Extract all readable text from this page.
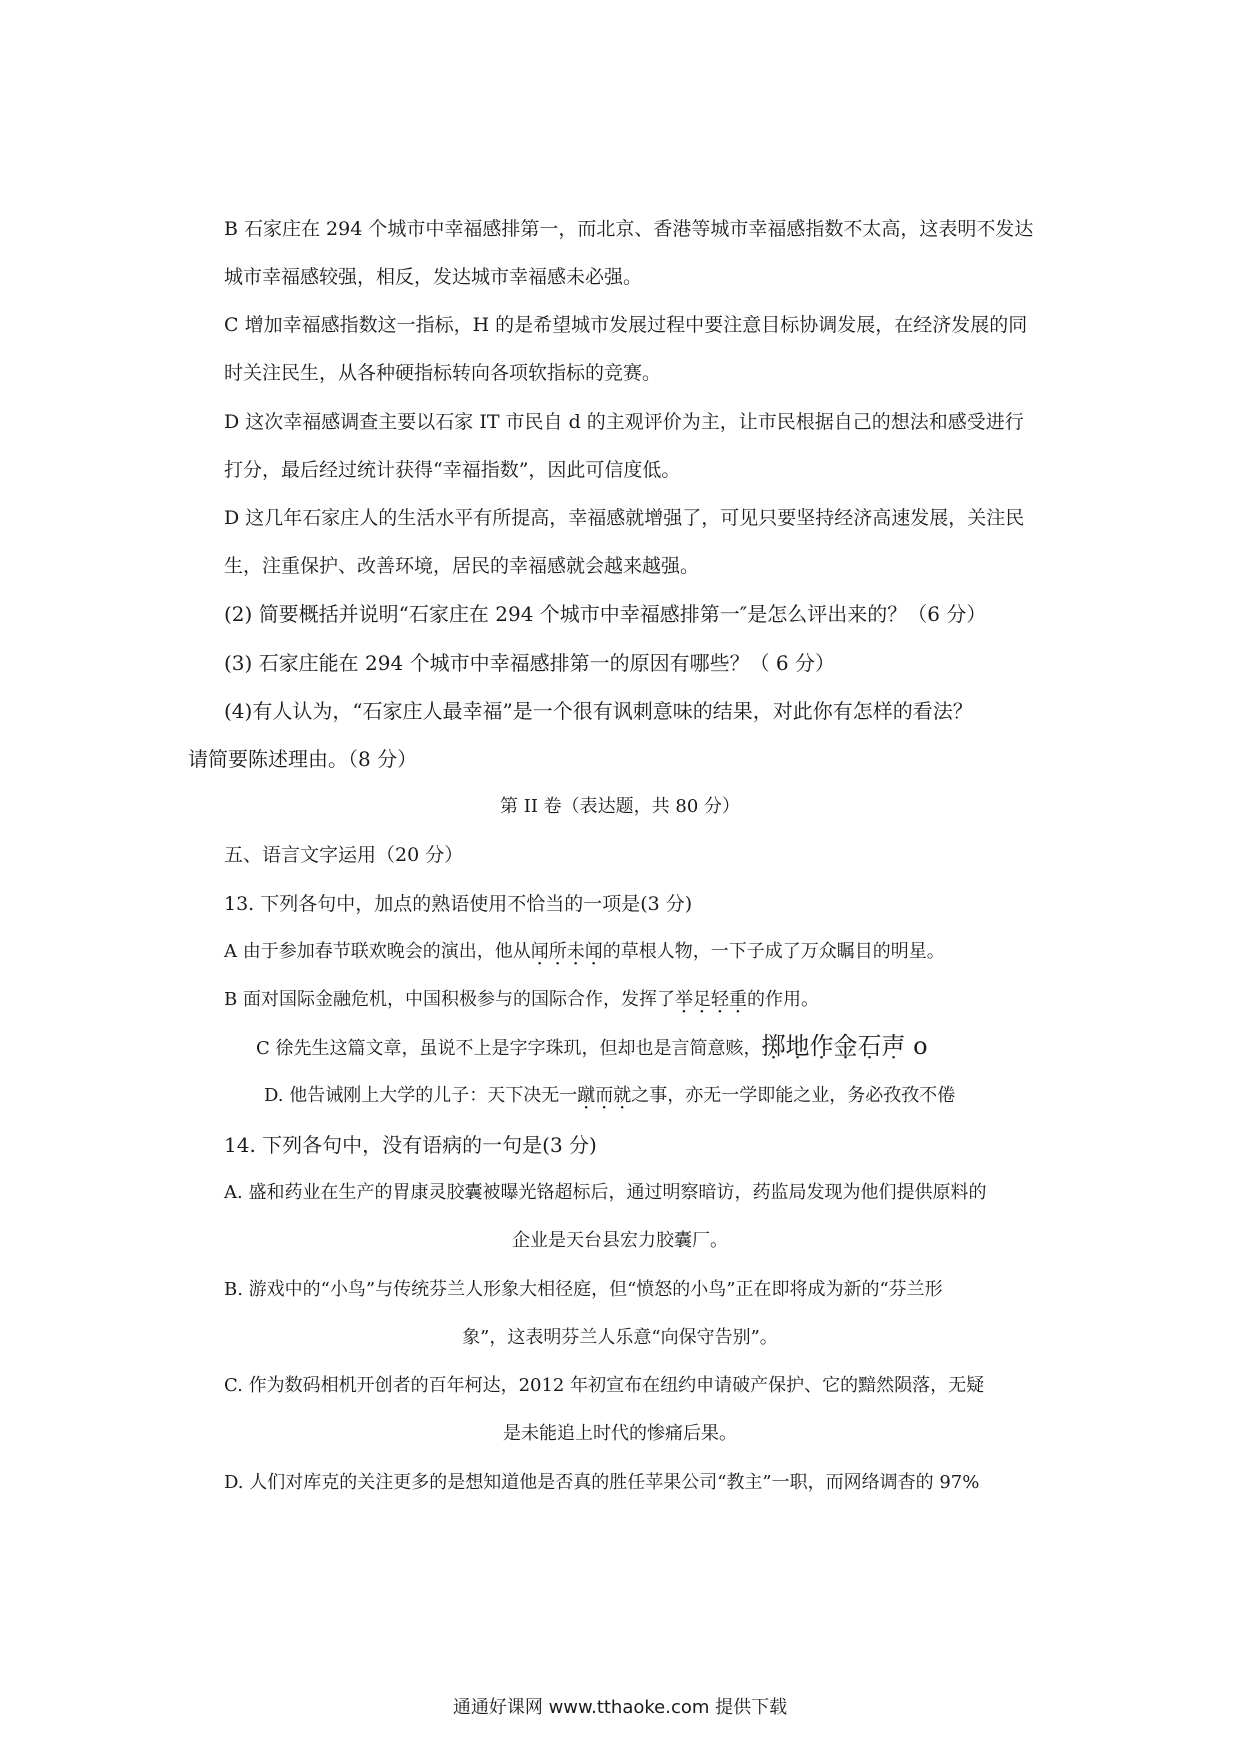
B 石家庄在 294 个城市中幸福感排第一，而北京、香港等城市幸福感指数不太高，这表明不发达
城市幸福感较强，相反，发达城市幸福感未必强。
C 增加幸福感指数这一指标，H 的是希望城市发展过程中要注意目标协调发展，在经济发展的同
时关注民生，从各种硬指标转向各项软指标的竞赛。
D 这次幸福感调查主要以石家 IT 市民自 d 的主观评价为主，让市民根据自己的想法和感受进行
打分，最后经过统计获得“幸福指数”，因此可信度低。
D 这几年石家庄人的生活水平有所提高，幸福感就增强了，可见只要坚持经济高速发展，关注民
生，注重保护、改善环境，居民的幸福感就会越来越强。
(2) 简要概括并说明“石家庄在 294 个城市中幸福感排第一″是怎么评出来的？（6 分）
(3) 石家庄能在 294 个城市中幸福感排第一的原因有哪些？（ 6 分）
(4)有人认为，“石家庄人最幸福”是一个很有讽刺意味的结果，对此你有怎样的看法？
请简要陈述理由。（8 分）
第 II 卷（表达题，共 80 分）
五、语言文字运用（20 分）
13. 下列各句中，加点的熟语使用不恰当的一项是(3 分)
A 由于参加春节联欢晚会的演出，他从闻所未闻的草根人物，一下子成了万众瞩目的明星。
B 面对国际金融危机，中国积极参与的国际合作，发挥了举足轻重的作用。
C 徐先生这篇文章，虽说不上是字字珠玑，但却也是言简意赅，掷地作金石声 o
D. 他告诫刚上大学的儿子：天下决无一蹴而就之事，亦无一学即能之业，务必孜孜不倦
14. 下列各句中，没有语病的一句是(3 分)
A. 盛和药业在生产的胃康灵胶囊被曝光铬超标后，通过明察暗访，药监局发现为他们提供原料的
企业是天台县宏力胶囊厂。
B. 游戏中的“小鸟”与传统芬兰人形象大相径庭，但“愤怒的小鸟”正在即将成为新的“芬兰形
象”，这表明芬兰人乐意“向保守告别”。
C. 作为数码相机开创者的百年柯达，2012 年初宣布在纽约申请破产保护、它的黯然陨落，无疑
是未能追上时代的惨痛后果。
D. 人们对库克的关注更多的是想知道他是否真的胜任苹果公司“教主”一职，而网络调杳的 97%
通通好课网 www.tthaoke.com 提供下载
